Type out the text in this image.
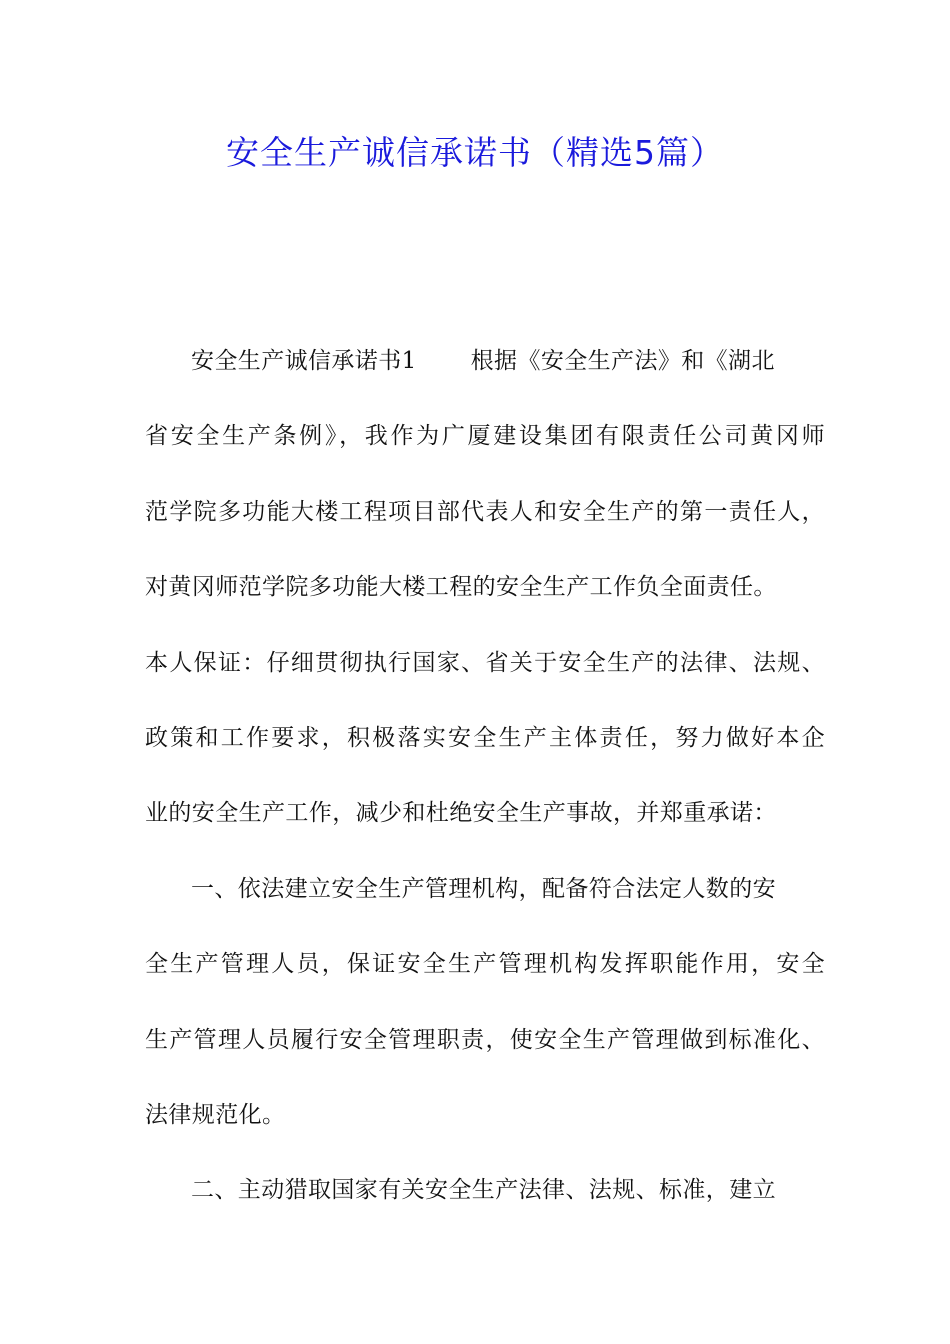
安全生产诚信承诺书（精选5篇）
安全生产诚信承诺书1 根据《安全生产法》和《湖北
省安全生产条例》，我作为广厦建设集团有限责任公司黄冈师
范学院多功能大楼工程项目部代表人和安全生产的第一责任人，
对黄冈师范学院多功能大楼工程的安全生产工作负全面责任。
本人保证：仔细贯彻执行国家、省关于安全生产的法律、法规、
政策和工作要求，积极落实安全生产主体责任，努力做好本企
业的安全生产工作，减少和杜绝安全生产事故，并郑重承诺：
一、依法建立安全生产管理机构，配备符合法定人数的安
全生产管理人员，保证安全生产管理机构发挥职能作用，安全
生产管理人员履行安全管理职责，使安全生产管理做到标准化、
法律规范化。
二、主动猎取国家有关安全生产法律、法规、标准，建立
